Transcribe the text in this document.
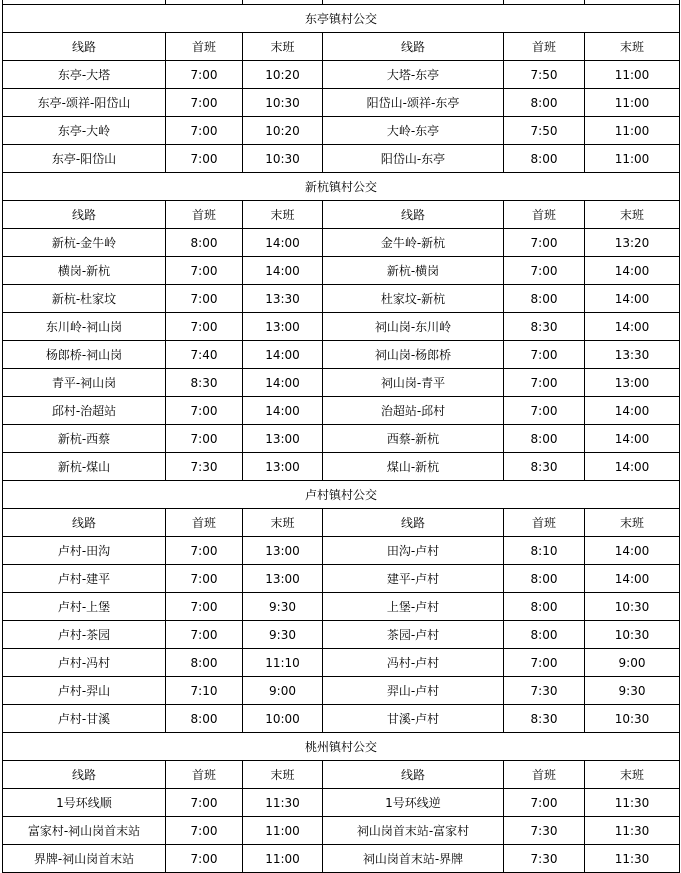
东亭镇村公交					
线路	首班	末班	线路	首班	末班
东亭-大塔	7:00	10:20	大塔-东亭	7:50	11:00
东亭-颂祥-阳岱山	7:00	10:30	阳岱山-颂祥-东亭	8:00	11:00
东亭-大岭	7:00	10:20	大岭-东亭	7:50	11:00
东亭-阳岱山	7:00	10:30	阳岱山-东亭	8:00	11:00
新杭镇村公交					
线路	首班	末班	线路	首班	末班
新杭-金牛岭	8:00	14:00	金牛岭-新杭	7:00	13:20
横岗-新杭	7:00	14:00	新杭-横岗	7:00	14:00
新杭-杜家坟	7:00	13:30	杜家坟-新杭	8:00	14:00
东川岭-祠山岗	7:00	13:00	祠山岗-东川岭	8:30	14:00
杨郎桥-祠山岗	7:40	14:00	祠山岗-杨郎桥	7:00	13:30
青平-祠山岗	8:30	14:00	祠山岗-青平	7:00	13:00
邱村-治超站	7:00	14:00	治超站-邱村	7:00	14:00
新杭-西蔡	7:00	13:00	西蔡-新杭	8:00	14:00
新杭-煤山	7:30	13:00	煤山-新杭	8:30	14:00
卢村镇村公交					
线路	首班	末班	线路	首班	末班
卢村-田沟	7:00	13:00	田沟-卢村	8:10	14:00
卢村-建平	7:00	13:00	建平-卢村	8:00	14:00
卢村-上堡	7:00	9:30	上堡-卢村	8:00	10:30
卢村-茶园	7:00	9:30	茶园-卢村	8:00	10:30
卢村-冯村	8:00	11:10	冯村-卢村	7:00	9:00
卢村-羿山	7:10	9:00	羿山-卢村	7:30	9:30
卢村-甘溪	8:00	10:00	甘溪-卢村	8:30	10:30
桃州镇村公交					
线路	首班	末班	线路	首班	末班
1号环线顺	7:00	11:30	1号环线逆	7:00	11:30
富家村-祠山岗首末站	7:00	11:00	祠山岗首末站-富家村	7:30	11:30
界牌-祠山岗首末站	7:00	11:00	祠山岗首末站-界牌	7:30	11:30
